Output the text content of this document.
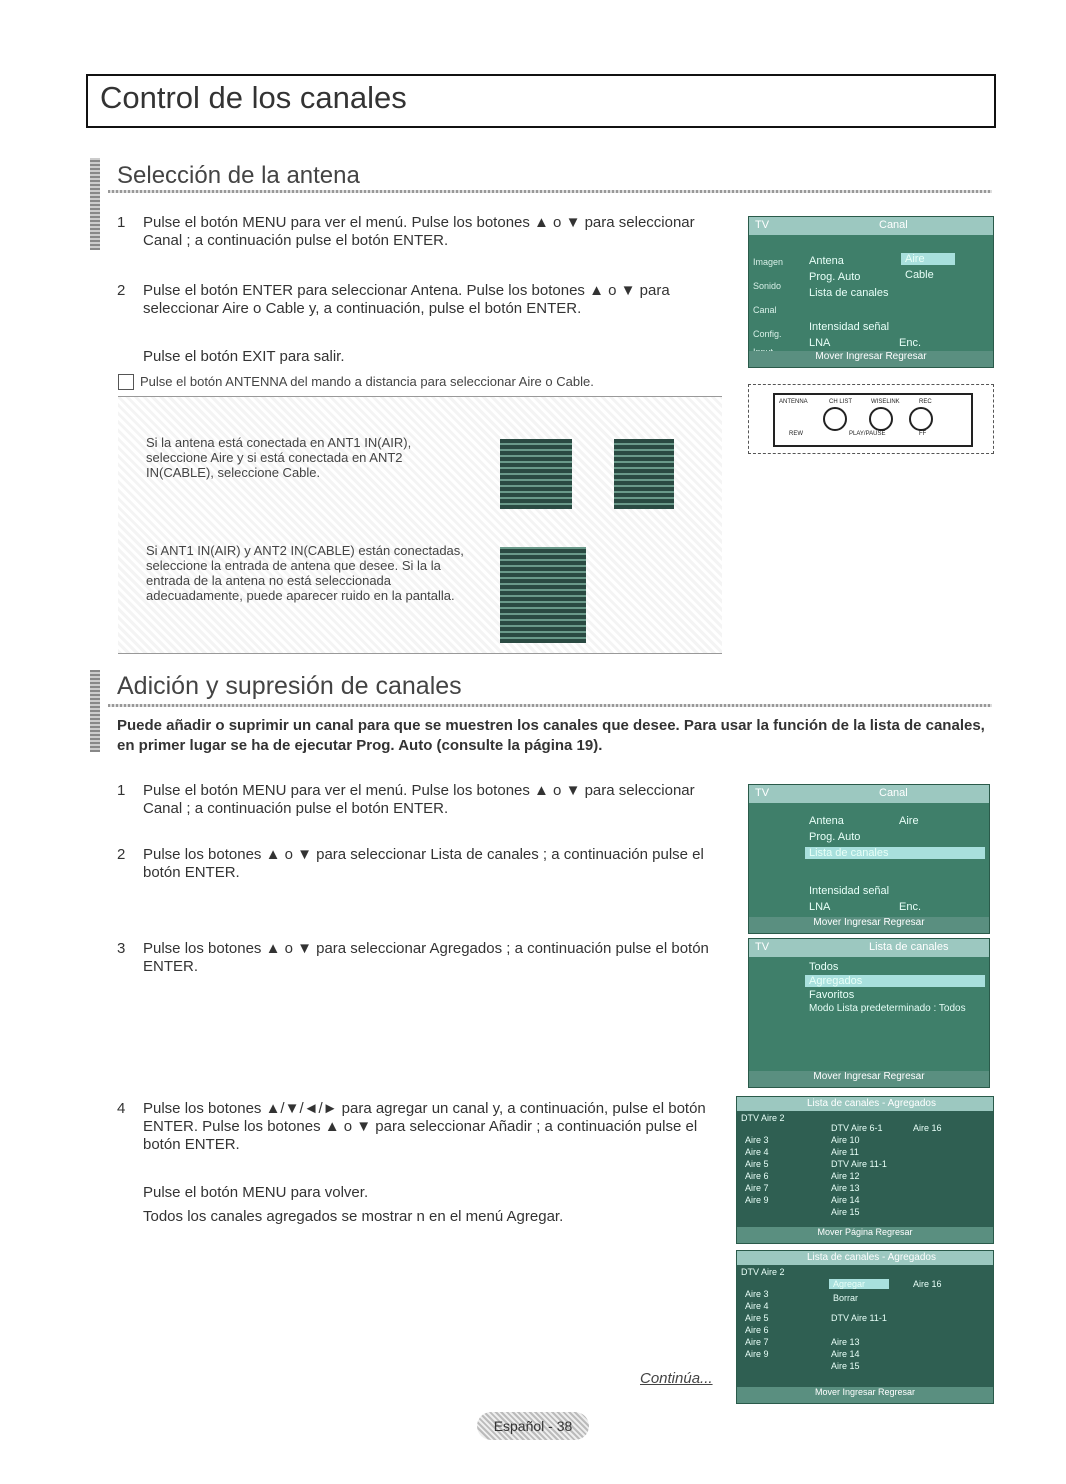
Control de los canales
Selección de la antena
1 Pulse el botón MENU para ver el menú. Pulse los botones ▲ o ▼ para seleccionar Canal ; a continuación pulse el botón ENTER.
2 Pulse el botón ENTER para seleccionar Antena. Pulse los botones ▲ o ▼ para seleccionar Aire o Cable y, a continuación, pulse el botón ENTER.
Pulse el botón EXIT para salir.
Pulse el botón ANTENNA del mando a distancia para seleccionar Aire o Cable.
Si la antena está conectada en ANT1 IN(AIR), seleccione Aire y si está conectada en ANT2 IN(CABLE), seleccione Cable.
Si ANT1 IN(AIR) y ANT2 IN(CABLE) están conectadas, seleccione la entrada de antena que desee. Si la la entrada de la antena no está seleccionada adecuadamente, puede aparecer ruido en la pantalla.
TV	Canal
Imagen
Sonido
Canal
Config.
Antena
Prog. Auto
Lista de canales
Intensidad señal
LNA	Enc.
Aire
Cable
Mover Ingresar Regresar
ANTENNA	CH LIST	WISELINK	REC
REW	PLAY/PAUSE	FF
Adición y supresión de canales
Puede añadir o suprimir un canal para que se muestren los canales que desee. Para usar la función de la lista de canales, en primer lugar se ha de ejecutar Prog. Auto (consulte la página 19).
1 Pulse el botón MENU para ver el menú. Pulse los botones ▲ o ▼ para seleccionar Canal ; a continuación pulse el botón ENTER.
2 Pulse los botones ▲ o ▼ para seleccionar Lista de canales ; a continuación pulse el botón ENTER.
3 Pulse los botones ▲ o ▼ para seleccionar Agregados ; a continuación pulse el botón ENTER.
4 Pulse los botones ▲/▼/◄/► para agregar un canal y, a continuación, pulse el botón ENTER. Pulse los botones ▲ o ▼ para seleccionar Añadir ; a continuación pulse el botón ENTER.
Pulse el botón MENU para volver.
Todos los canales agregados se mostrar n en el menú Agregar.
TV	Canal
Antena	Aire
Prog. Auto
Lista de canales
Intensidad señal
LNA	Enc.
Mover Ingresar Regresar
TV	Lista de canales
Todos
Agregados
Favoritos
Modo Lista predeterminado : Todos
Mover Ingresar Regresar
Lista de canales - Agregados
DTV Aire 2
Aire 3
Aire 4
Aire 5
Aire 6
Aire 7
Aire 9
DTV Aire 6-1
Aire 10
Aire 11
DTV Aire 11-1
Aire 12
Aire 13
Aire 14
Aire 15
Aire 16
Mover Página Regresar
Lista de canales - Agregados
DTV Aire 2
Agregar
Borrar
Aire 3
Aire 4
Aire 5
Aire 6
Aire 7
Aire 9
DTV Aire 11-1
Aire 13
Aire 14
Aire 15
Aire 16
Mover Ingresar Regresar
Continúa...
Español - 38
